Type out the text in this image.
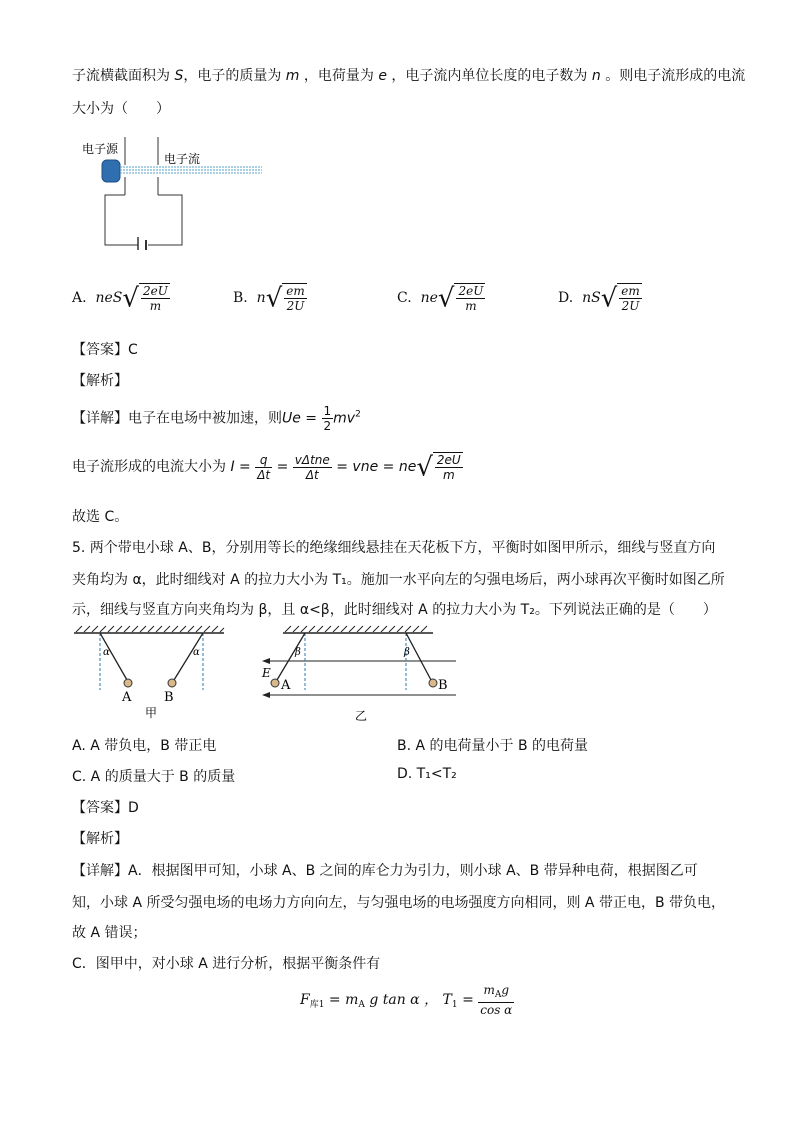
子流横截面积为 S，电子的质量为 m ，电荷量为 e ，电子流内单位长度的电子数为 n 。则电子流形成的电流
大小为（　　）
电子源
电子流
A. $neS√ \frac{2eU}{m}$	B. $n√ \frac{em}{2U}$	C. $ne√ \frac{2eU}{m}$	D. $nS√ \frac{em}{2U}$
【答案】C
【解析】
【详解】电子在电场中被加速，则$Ue = \frac{1}{2} mv^2$
电子流形成的电流大小为 $I = \frac{q}{\Delta t} = \frac{\text{vΔtne}}{\Delta t}$ = vne = $ne√ \frac{2eU}{m}$
故选 C。
5. 两个带电小球 A、B，分别用等长的绝缘细线悬挂在天花板下方，平衡时如图甲所示，细线与竖直方向
夹角均为 α，此时细线对 A 的拉力大小为 T₁。施加一水平向左的匀强电场后，两小球再次平衡时如图乙所
示，细线与竖直方向夹角均为 β，且 α<β，此时细线对 A 的拉力大小为 T₂。下列说法正确的是（　　）
α	α
A	B
甲
β	β
E
A	B
乙
A. A 带负电，B 带正电	B. A 的电荷量小于 B 的电荷量
C. A 的质量大于 B 的质量	D. T₁<T₂
【答案】D
【解析】
【详解】A．根据图甲可知，小球 A、B 之间的库仑力为引力，则小球 A、B 带异种电荷，根据图乙可
知，小球 A 所受匀强电场的电场力方向向左，与匀强电场的电场强度方向相同，则 A 带正电，B 带负电，
故 A 错误；
C．图甲中，对小球 A 进行分析，根据平衡条件有
$F_{库1} = m_A$ g tan α ， $T_1 = \frac{m_Ag}{\text{cos α}}$
